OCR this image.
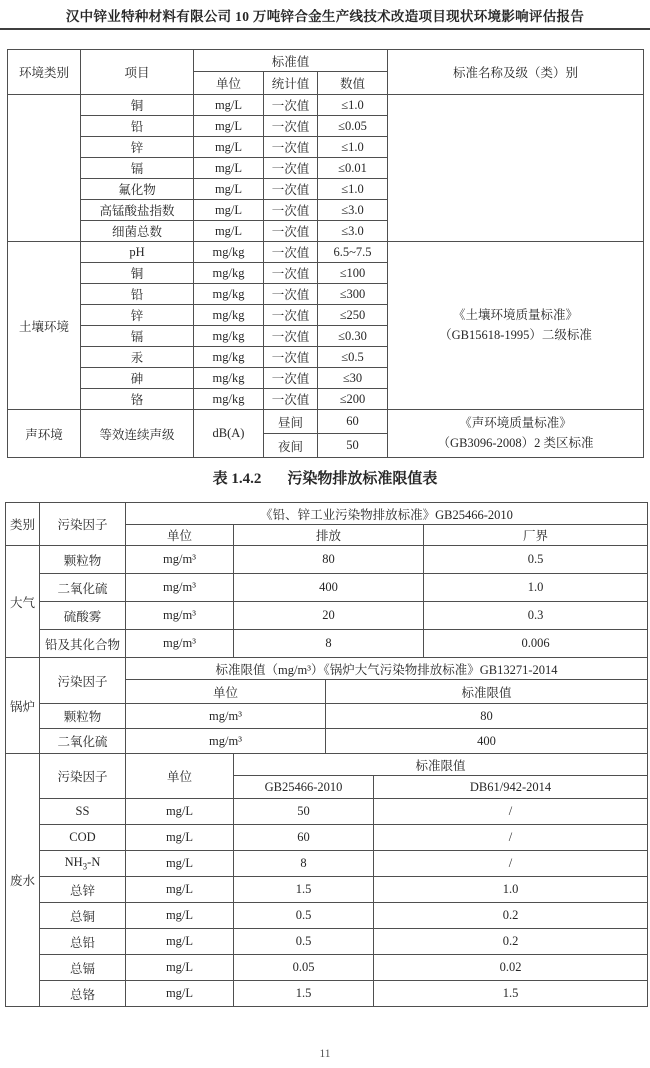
汉中锌业特种材料有限公司 10 万吨锌合金生产线技术改造项目现状环境影响评估报告
环境类别	项目	标准值			标准名称及级（类）别
		单位	统计值	数值	
	铜	mg/L	一次值	≤1.0	
	铅	mg/L	一次值	≤0.05	
	锌	mg/L	一次值	≤1.0	
	镉	mg/L	一次值	≤0.01	
	氟化物	mg/L	一次值	≤1.0	
	高锰酸盐指数	mg/L	一次值	≤3.0	
	细菌总数	mg/L	一次值	≤3.0	
土壤环境	pH	mg/kg	一次值	6.5~7.5	《土壤环境质量标准》
（GB15618-1995）二级标准

	铜	mg/kg	一次值	≤100	
	铅	mg/kg	一次值	≤300	
	锌	mg/kg	一次值	≤250	
	镉	mg/kg	一次值	≤0.30	
	汞	mg/kg	一次值	≤0.5	
	砷	mg/kg	一次值	≤30	
	铬	mg/kg	一次值	≤200	
声环境	等效连续声级	dB(A)	昼间	60	《声环境质量标准》
（GB3096-2008）2 类区标准

			夜间	50	
表 1.4.2 污染物排放标准限值表
类别	污染因子	《铅、锌工业污染物排放标准》GB25466-2010		
		单位	排放	厂界
大气	颗粒物	mg/m³	80	0.5
	二氧化硫	mg/m³	400	1.0
	硫酸雾	mg/m³	20	0.3
	铅及其化合物	mg/m³	8	0.006
锅炉	污染因子	标准限值（mg/m³）《锅炉大气污染物排放标准》GB13271-2014	
		单位	标准限值
	颗粒物	mg/m³	80
	二氧化硫	mg/m³	400
废水	污染因子	单位	标准限值	
			GB25466-2010	DB61/942-2014
	SS	mg/L	50	/
	COD	mg/L	60	/
	$NH_3-N$	mg/L	8	/
	总锌	mg/L	1.5	1.0
	总铜	mg/L	0.5	0.2
	总铅	mg/L	0.5	0.2
	总镉	mg/L	0.05	0.02
	总铬	mg/L	1.5	1.5
11
